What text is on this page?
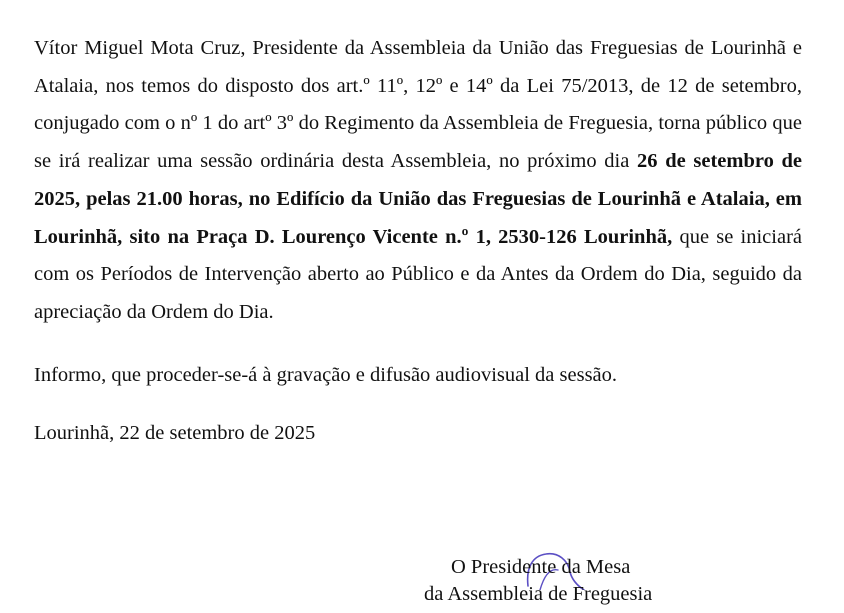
Vítor Miguel Mota Cruz, Presidente da Assembleia da União das Freguesias de Lourinhã e Atalaia, nos temos do disposto dos art.º 11º, 12º e 14º da Lei 75/2013, de 12 de setembro, conjugado com o nº 1 do artº 3º do Regimento da Assembleia de Freguesia, torna público que se irá realizar uma sessão ordinária desta Assembleia, no próximo dia 26 de setembro de 2025, pelas 21.00 horas, no Edifício da União das Freguesias de Lourinhã e Atalaia, em Lourinhã, sito na Praça D. Lourenço Vicente n.º 1, 2530-126 Lourinhã, que se iniciará com os Períodos de Intervenção aberto ao Público e da Antes da Ordem do Dia, seguido da apreciação da Ordem do Dia.
Informo, que proceder-se-á à gravação e difusão audiovisual da sessão.
Lourinhã, 22 de setembro de 2025
O Presidente da Mesa
da Assembleia de Freguesia
